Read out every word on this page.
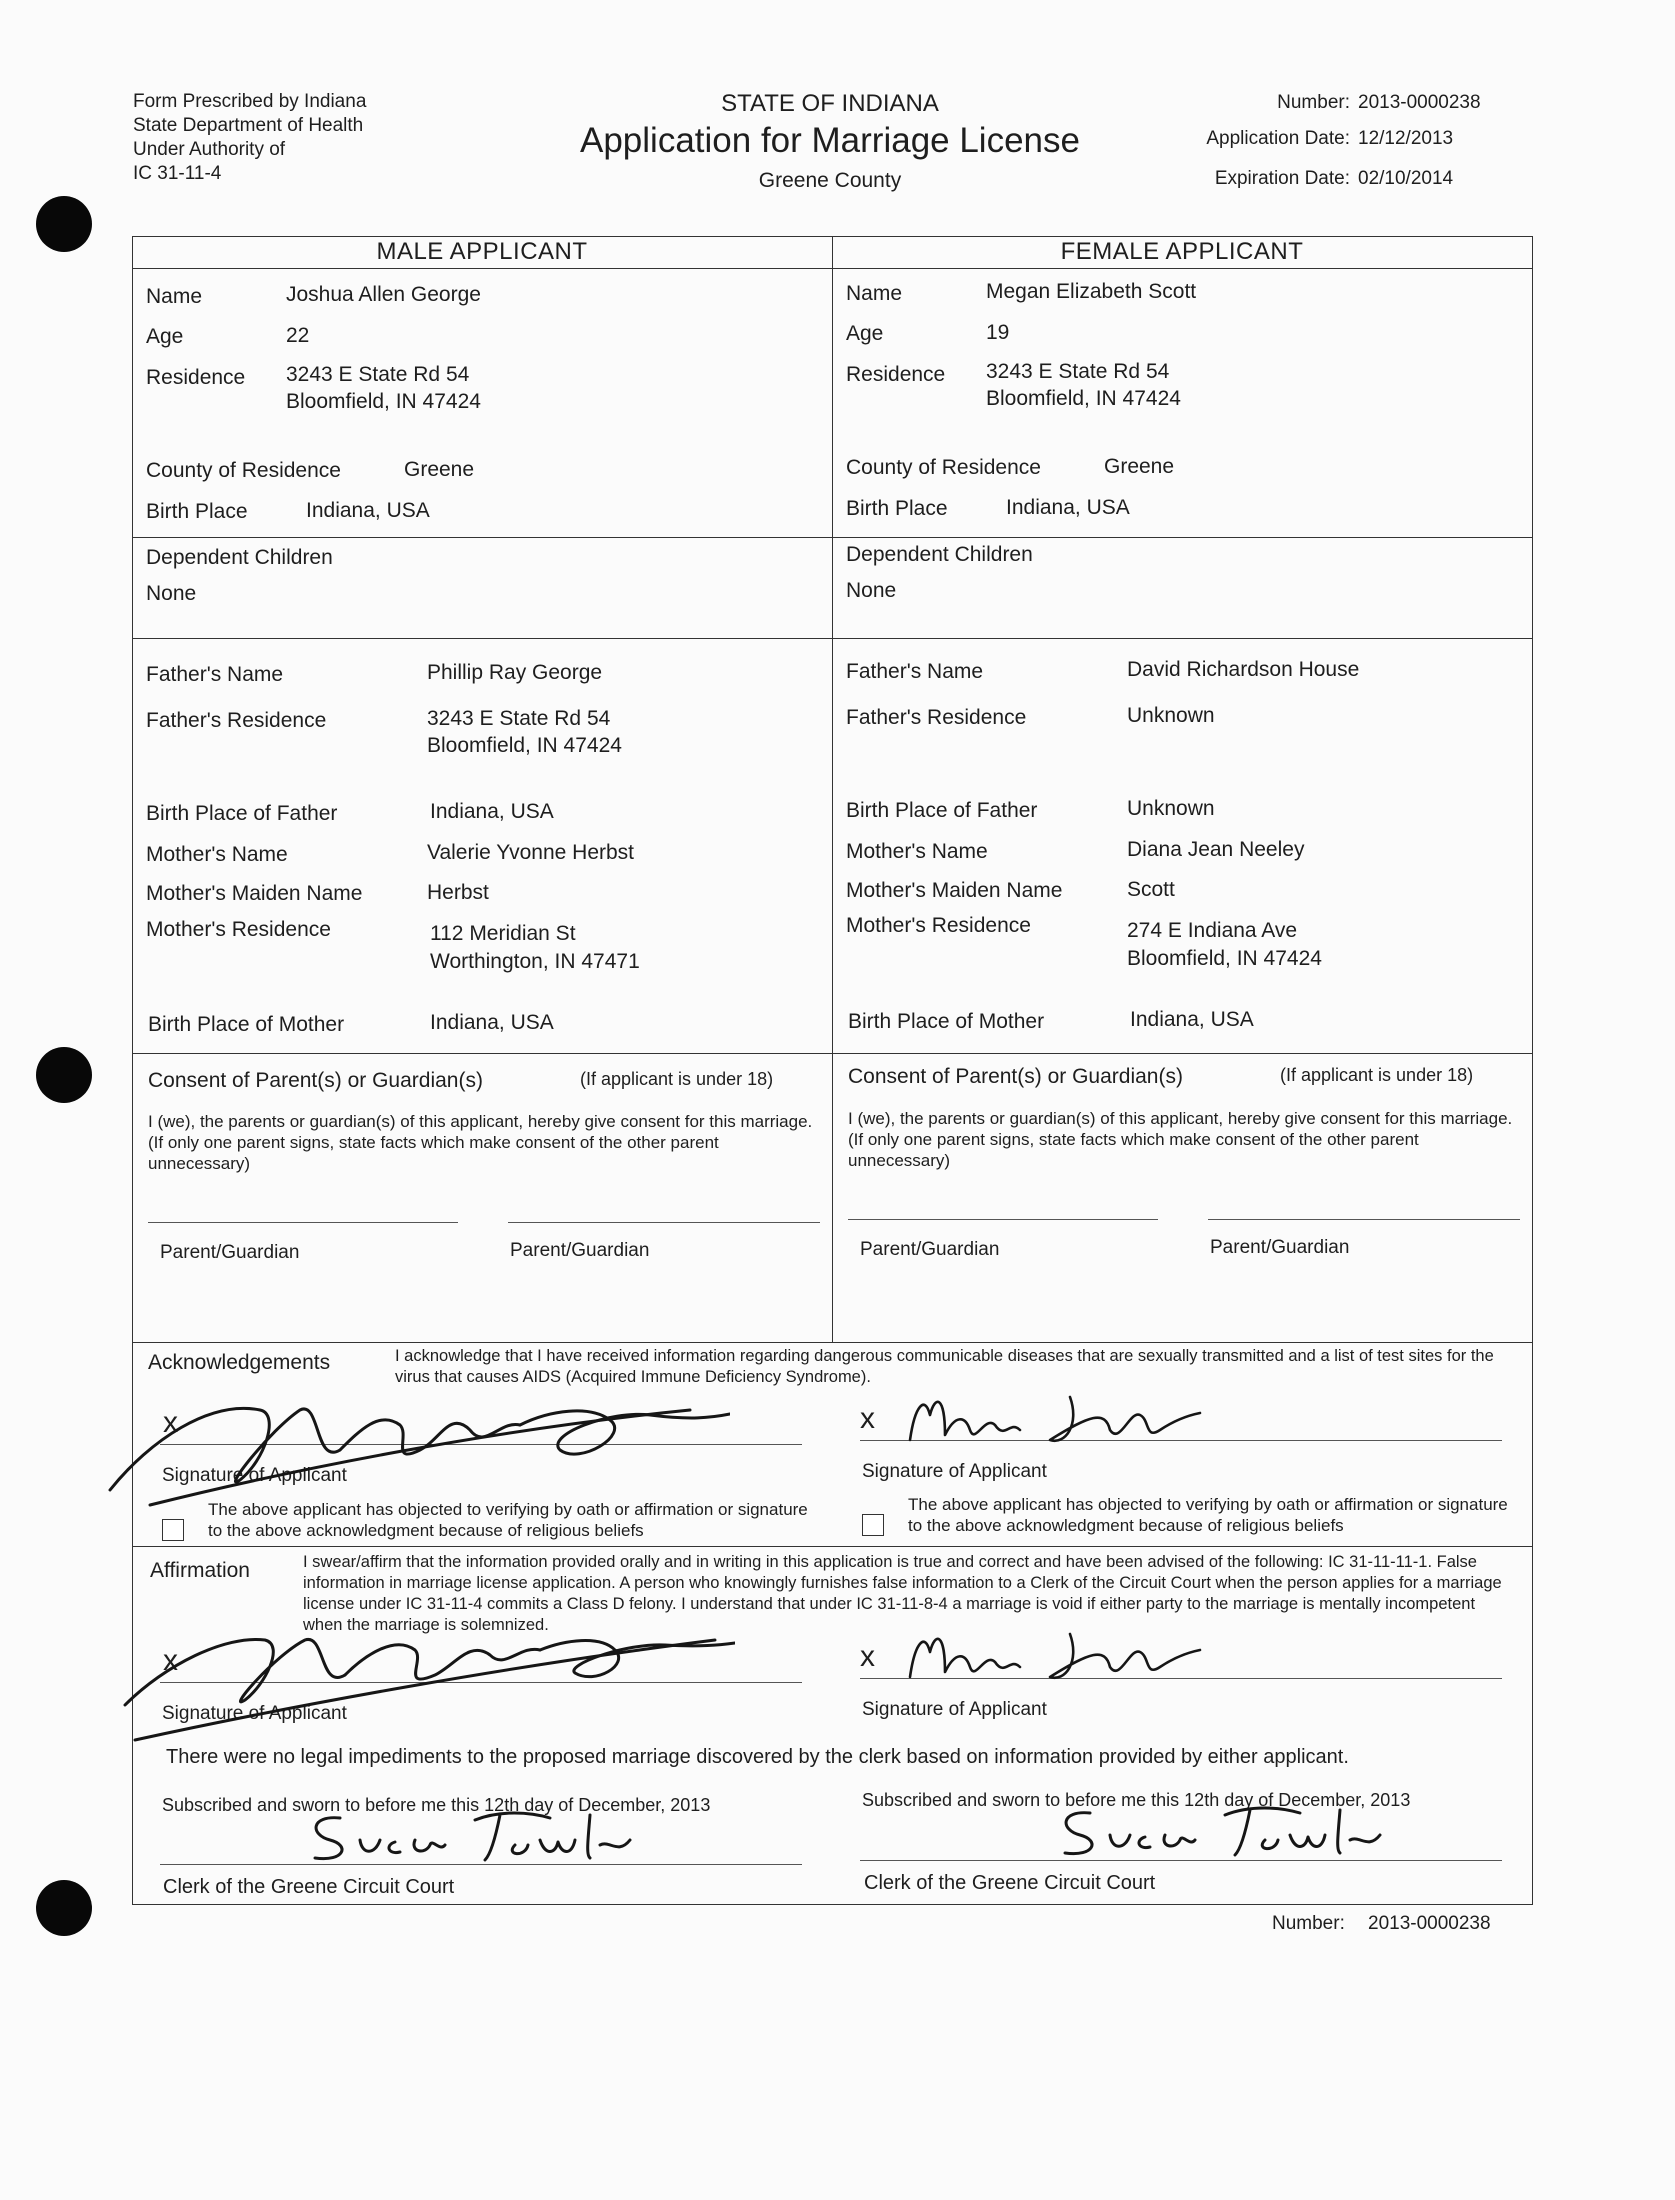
Form Prescribed by Indiana
State Department of Health
Under Authority of
IC 31-11-4
STATE OF INDIANA
Application for Marriage License
Greene County
Number: 2013-0000238
Application Date: 12/12/2013
Expiration Date: 02/10/2014
MALE APPLICANT	FEMALE APPLICANT
Name	Joshua Allen George
Age	22
Residence 3243 E State Rd 54
Bloomfield, IN 47424
County of Residence	Greene
Birth Place	Indiana, USA
Dependent Children
None
Father's Name	Phillip Ray George
Father's Residence	3243 E State Rd 54
Bloomfield, IN 47424
Birth Place of Father	Indiana, USA
Mother's Name	Valerie Yvonne Herbst
Mother's Maiden Name	Herbst
Mother's Residence	112 Meridian St
Worthington, IN 47471
Birth Place of Mother	Indiana, USA
Name	Megan Elizabeth Scott
Age	19
Residence 3243 E State Rd 54
Bloomfield, IN 47424
County of Residence	Greene
Birth Place	Indiana, USA
Dependent Children
None
Father's Name	David Richardson House
Father's Residence	Unknown
Birth Place of Father	Unknown
Mother's Name	Diana Jean Neeley
Mother's Maiden Name	Scott
Mother's Residence	274 E Indiana Ave
Bloomfield, IN 47424
Birth Place of Mother	Indiana, USA
Consent of Parent(s) or Guardian(s)	(If applicant is under 18)
I (we), the parents or guardian(s) of this applicant, hereby give consent for this marriage. (If only one parent signs, state facts which make consent of the other parent unnecessary)
Parent/Guardian	Parent/Guardian
Consent of Parent(s) or Guardian(s)	(If applicant is under 18)
I (we), the parents or guardian(s) of this applicant, hereby give consent for this marriage. (If only one parent signs, state facts which make consent of the other parent unnecessary)
Parent/Guardian	Parent/Guardian
Acknowledgements	I acknowledge that I have received information regarding dangerous communicable diseases that are sexually transmitted and a list of test sites for the virus that causes AIDS (Acquired Immune Deficiency Syndrome).
x
Signature of Applicant
The above applicant has objected to verifying by oath or affirmation or signature to the above acknowledgment because of religious beliefs
x
Signature of Applicant
The above applicant has objected to verifying by oath or affirmation or signature to the above acknowledgment because of religious beliefs
Affirmation	I swear/affirm that the information provided orally and in writing in this application is true and correct and have been advised of the following: IC 31-11-11-1. False information in marriage license application. A person who knowingly furnishes false information to a Clerk of the Circuit Court when the person applies for a marriage license under IC 31-11-4 commits a Class D felony. I understand that under IC 31-11-8-4 a marriage is void if either party to the marriage is mentally incompetent when the marriage is solemnized.
x
Signature of Applicant
x
Signature of Applicant
There were no legal impediments to the proposed marriage discovered by the clerk based on information provided by either applicant.
Subscribed and sworn to before me this 12th day of December, 2013
Clerk of the Greene Circuit Court
Subscribed and sworn to before me this 12th day of December, 2013
Clerk of the Greene Circuit Court
Number: 2013-0000238
